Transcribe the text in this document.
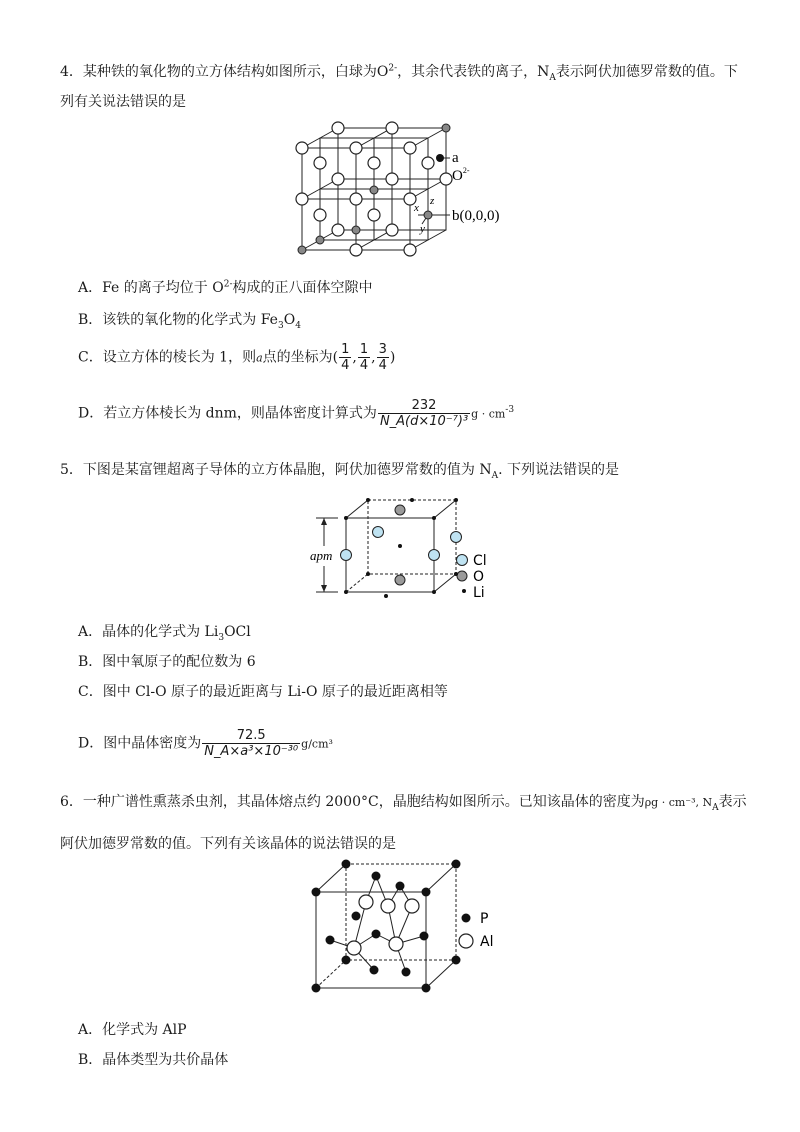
4．某种铁的氧化物的立方体结构如图所示，白球为$O^{2-}$，其余代表铁的离子，$N_A$表示阿伏加德罗常数的值。下
列有关说法错误的是
a
$O^{2-}$
b(0,0,0)
x
z
y
A．Fe 的离子均位于 $O^{2-}$构成的正八面体空隙中
B．该铁的氧化物的化学式为 $Fe_3O_4$
C．设立方体的棱长为 1，则a点的坐标为( $\frac{1}{4}$ , $\frac{1}{4}$ , $\frac{3}{4}$ )
D．若立方体棱长为 dnm，则晶体密度计算式为 $\frac{232}{\text{N\_A(d×10⁻⁷)³}}$ $g \cdot cm^{-3}$
5．下图是某富锂超离子导体的立方体晶胞，阿伏加德罗常数的值为 $N_A$. 下列说法错误的是
apm	Cl
O
Li
A．晶体的化学式为 $Li_3OCl$
B．图中氧原子的配位数为 6
C．图中 Cl-O 原子的最近距离与 Li-O 原子的最近距离相等
D．图中晶体密度为 $\frac{72.5}{\text{N\_A×a³×10⁻³⁰}} g/cm^3$
6．一种广谱性熏蒸杀虫剂，其晶体熔点约 2000°C，晶胞结构如图所示。已知该晶体的密度为ρg · cm⁻³, $N_A$表示
阿伏加德罗常数的值。下列有关该晶体的说法错误的是
P
Al
A．化学式为 AlP
B．晶体类型为共价晶体
